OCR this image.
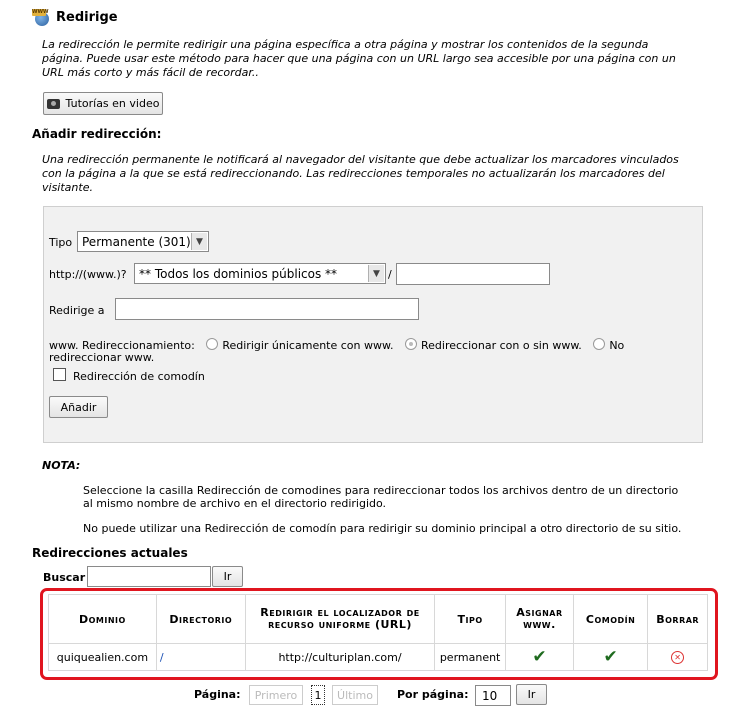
WWW Redirige
La redirección le permite redirigir una página específica a otra página y mostrar los contenidos de la segunda
página. Puede usar este método para hacer que una página con un URL largo sea accesible por una página con un
URL más corto y más fácil de recordar..
Tutorías en video
Añadir redirección:
Una redirección permanente le notificará al navegador del visitante que debe actualizar los marcadores vinculados
con la página a la que se está redireccionando. Las redirecciones temporales no actualizarán los marcadores del
visitante.
Tipo Permanente (301) ▼
http://(www.)? ** Todos los dominios públicos **	▼ /
Redirige a
www. Redireccionamiento:	Redirigir únicamente con www.	Redireccionar con o sin www.	No
redireccionar www.
Redirección de comodín
Añadir
NOTA:
Seleccione la casilla Redirección de comodines para redireccionar todos los archivos dentro de un directorio
al mismo nombre de archivo en el directorio redirigido.
No puede utilizar una Redirección de comodín para redirigir su dominio principal a otro directorio de su sitio.
Redirecciones actuales
Buscar	Ir
Dominio	Directorio	Redirigir el localizador de recurso uniforme (URL)	Tipo	Asignar www.	Comodín	Borrar
quiquealien.com	/	http://culturiplan.com/	permanent	✔	✔	✕
Página:	Primero	1	Último	Por página:	10	Ir
